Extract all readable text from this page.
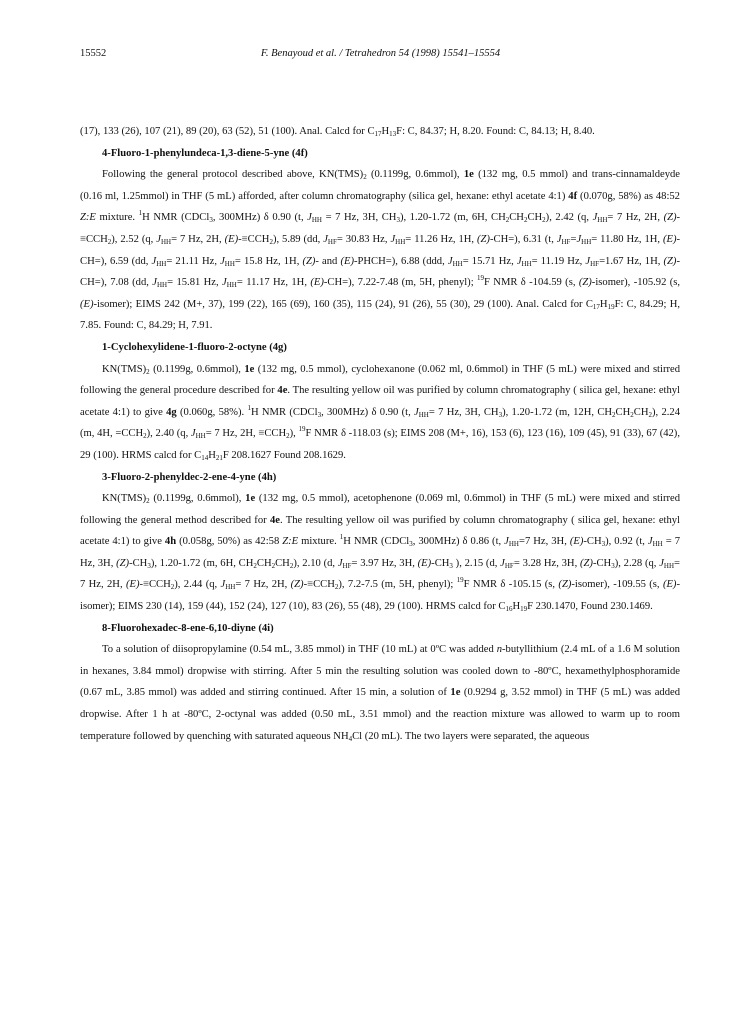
15552	F. Benayoud et al. / Tetrahedron 54 (1998) 15541–15554

(17), 133 (26), 107 (21), 89 (20), 63 (52), 51 (100). Anal. Calcd for $C_{17}H_{13}F$: C, 84.37; H, 8.20. Found: C, 84.13; H, 8.40.

4-Fluoro-1-phenylundeca-1,3-diene-5-yne (4f)

Following the general protocol described above, $KN(TMS)_2$ (0.1199g, 0.6mmol), 1e (132 mg, 0.5 mmol) and trans-cinnamaldeyde (0.16 ml, 1.25mmol) in THF (5 mL) afforded, after column chromatography (silica gel, hexane: ethyl acetate 4:1) 4f (0.070g, 58%) as 48:52 Z:E mixture. $^1$H NMR (CDCl$_3$, 300MHz) δ 0.90 (t, $J_{HH} = 7$ Hz, 3H, $CH_3$), 1.20-1.72 (m, 6H, $CH_2CH_2CH_2$), 2.42 (q, $J_{HH}= 7$ Hz, 2H, $(Z)-\equiv CCH_2$), 2.52 (q, $J_{HH}= 7$ Hz, 2H, $(E)-\equiv CCH_2$), 5.89 (dd, $J_{HF}= 30.83$ Hz, $J_{HH}= 11.26$ Hz, 1H, (Z)-CH=), 6.31 (t, $J_{HF}=J_{HH}= 11.80$ Hz, 1H, (E)-CH=), 6.59 (dd, $J_{HH}= 21.11$ Hz, $J_{HH}= 15.8$ Hz, 1H, (Z)- and (E)-PHCH=), 6.88 (ddd, $J_{HH}= 15.71$ Hz, $J_{HH}= 11.19$ Hz, $J_{HF}=1.67$ Hz, 1H, (Z)-CH=), 7.08 (dd, $J_{HH}= 15.81$ Hz, $J_{HH}= 11.17$ Hz, 1H, (E)-CH=), 7.22-7.48 (m, 5H, phenyl); $^{19}$F NMR δ -104.59 (s, (Z)-isomer), -105.92 (s, (E)-isomer); EIMS 242 (M+, 37), 199 (22), 165 (69), 160 (35), 115 (24), 91 (26), 55 (30), 29 (100). Anal. Calcd for $C_{17}H_{19}F$: C, 84.29; H, 7.85. Found: C, 84.29; H, 7.91.

1-Cyclohexylidene-1-fluoro-2-octyne (4g)

$KN(TMS)_2$ (0.1199g, 0.6mmol), 1e (132 mg, 0.5 mmol), cyclohexanone (0.062 ml, 0.6mmol) in THF (5 mL) were mixed and stirred following the general procedure described for 4e. The resulting yellow oil was purified by column chromatography ( silica gel, hexane: ethyl acetate 4:1) to give 4g (0.060g, 58%). $^1$H NMR (CDCl$_3$, 300MHz) δ 0.90 (t, $J_{HH}= 7$ Hz, 3H, $CH_3$), 1.20-1.72 (m, 12H, $CH_2CH_2CH_2$), 2.24 (m, 4H, $=CCH_2$), 2.40 (q, $J_{HH}= 7$ Hz, 2H, $\equiv CCH_2$), $^{19}$F NMR δ -118.03 (s); EIMS 208 (M+, 16), 153 (6), 123 (16), 109 (45), 91 (33), 67 (42), 29 (100). HRMS calcd for $C_{14}H_{21}F$ 208.1627 Found 208.1629.

3-Fluoro-2-phenyldec-2-ene-4-yne (4h)

$KN(TMS)_2$ (0.1199g, 0.6mmol), 1e (132 mg, 0.5 mmol), acetophenone (0.069 ml, 0.6mmol) in THF (5 mL) were mixed and stirred following the general method described for 4e. The resulting yellow oil was purified by column chromatography ( silica gel, hexane: ethyl acetate 4:1) to give 4h (0.058g, 50%) as 42:58 Z:E mixture. $^1$H NMR (CDCl$_3$, 300MHz) δ 0.86 (t, $J_{HH}=7$ Hz, 3H, $(E)-CH_3$), 0.92 (t, $J_{HH} = 7$ Hz, 3H, $(Z)-CH_3$), 1.20-1.72 (m, 6H, $CH_2CH_2CH_2$), 2.10 (d, $J_{HF}= 3.97$ Hz, 3H, $(E)-CH_3$ ), 2.15 (d, $J_{HF}= 3.28$ Hz, 3H, $(Z)-CH_3$), 2.28 (q, $J_{HH}= 7$ Hz, 2H, $(E)-\equiv CCH_2$), 2.44 (q, $J_{HH}= 7$ Hz, 2H, $(Z)-\equiv CCH_2$), 7.2-7.5 (m, 5H, phenyl); $^{19}$F NMR δ -105.15 (s, (Z)-isomer), -109.55 (s, (E)-isomer); EIMS 230 (14), 159 (44), 152 (24), 127 (10), 83 (26), 55 (48), 29 (100). HRMS calcd for $C_{16}H_{19}F$ 230.1470, Found 230.1469.

8-Fluorohexadec-8-ene-6,10-diyne (4i)

To a solution of diisopropylamine (0.54 mL, 3.85 mmol) in THF (10 mL) at 0ºC was added n-butyllithium (2.4 mL of a 1.6 M solution in hexanes, 3.84 mmol) dropwise with stirring. After 5 min the resulting solution was cooled down to -80ºC, hexamethylphosphoramide (0.67 mL, 3.85 mmol) was added and stirring continued. After 15 min, a solution of 1e (0.9294 g, 3.52 mmol) in THF (5 mL) was added dropwise. After 1 h at -80ºC, 2-octynal was added (0.50 mL, 3.51 mmol) and the reaction mixture was allowed to warm up to room temperature followed by quenching with saturated aqueous $NH_4Cl$ (20 mL). The two layers were separated, the aqueous
